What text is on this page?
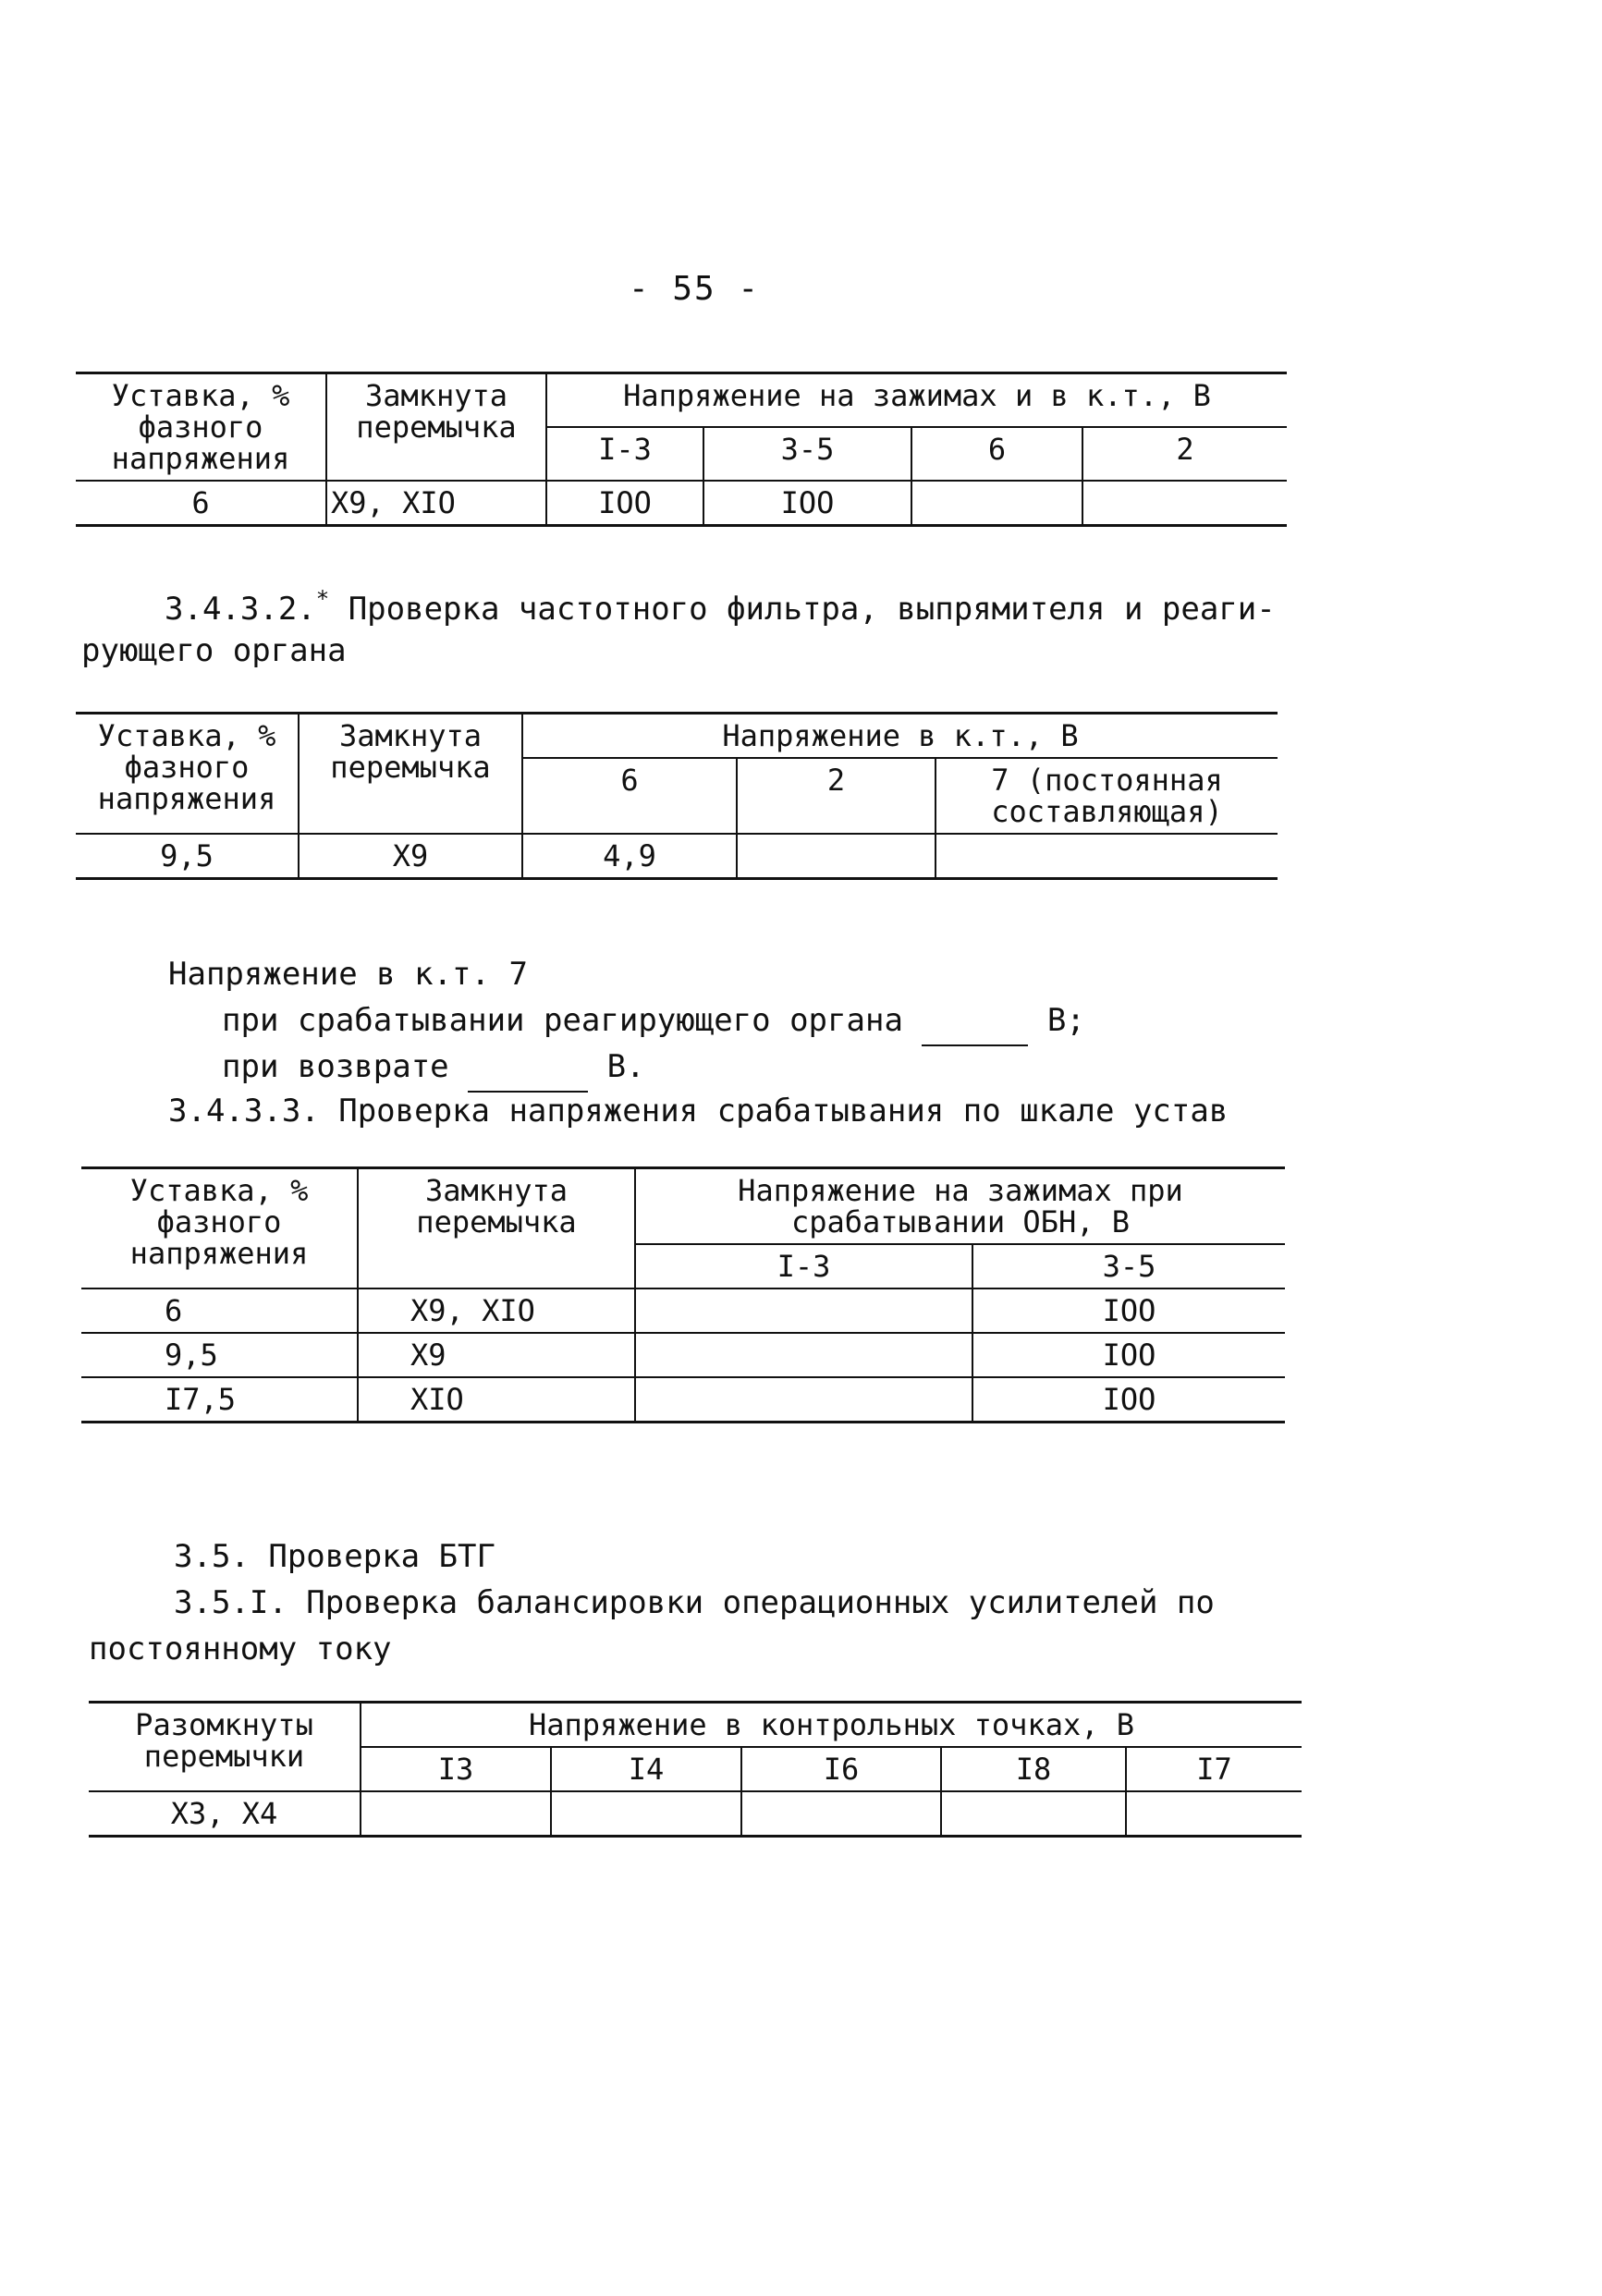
- 55 -
Уставка, % фазного напряжения	Замкнута перемычка	Напряжение на зажимах и в к.т., В			
		I-3	3-5	6	2
6	X9, XIO	IOO	IOO		
3.4.3.2.* Проверка частотного фильтра, выпрямителя и реаги-
рующего органа
Уставка, % фазного напряжения	Замкнута перемычка	Напряжение в к.т., В		
		6	2	7 (постоянная составляющая)
9,5	X9	4,9		
Напряжение в к.т. 7
при срабатывании реагирующего органа	В;
при возврате	В.
3.4.3.3. Проверка напряжения срабатывания по шкале устав
Уставка, % фазного напряжения	Замкнута перемычка	Напряжение на зажимах при срабатывании ОБН, В	
		I-3	3-5
6	X9, XIO		IOO
9,5	X9		IOO
I7,5	XIO		IOO
3.5. Проверка БТГ
3.5.I. Проверка балансировки операционных усилителей по
постоянному току
Разомкнуты перемычки	Напряжение в контрольных точках, В				
	I3	I4	I6	I8	I7
X3, X4					
